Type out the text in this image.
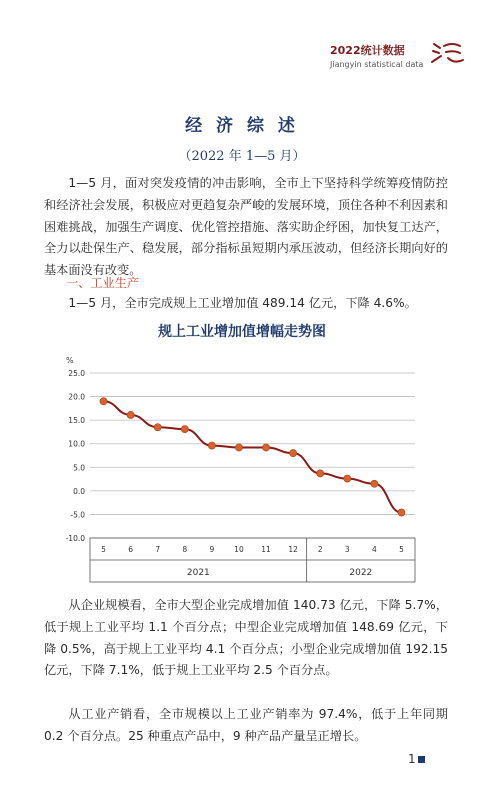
2022统计数据
Jiangyin statistical data
经 济 综 述
（2022 年 1—5 月）
1—5 月，面对突发疫情的冲击影响，全市上下坚持科学统筹疫情防控和经济社会发展，积极应对更趋复杂严峻的发展环境，顶住各种不利因素和困难挑战，加强生产调度、优化管控措施、落实助企纾困，加快复工达产，全力以赴保生产、稳发展，部分指标虽短期内承压波动，但经济长期向好的基本面没有改变。
一、工业生产
1—5 月，全市完成规上工业增加值 489.14 亿元，下降 4.6%。
规上工业增加值增幅走势图
%
25.0
20.0
15.0
10.0
5.0
0.0
-5.0
-10.0
5	6	7	8	9	10 11 12	2	3	4	5
2021	2022
从企业规模看，全市大型企业完成增加值 140.73 亿元，下降 5.7%，低于规上工业平均 1.1 个百分点；中型企业完成增加值 148.69 亿元，下降 0.5%，高于规上工业平均 4.1 个百分点；小型企业完成增加值 192.15 亿元，下降 7.1%，低于规上工业平均 2.5 个百分点。
从工业产销看，全市规模以上工业产销率为 97.4%，低于上年同期 0.2 个百分点。25 种重点产品中，9 种产品产量呈正增长。
1
